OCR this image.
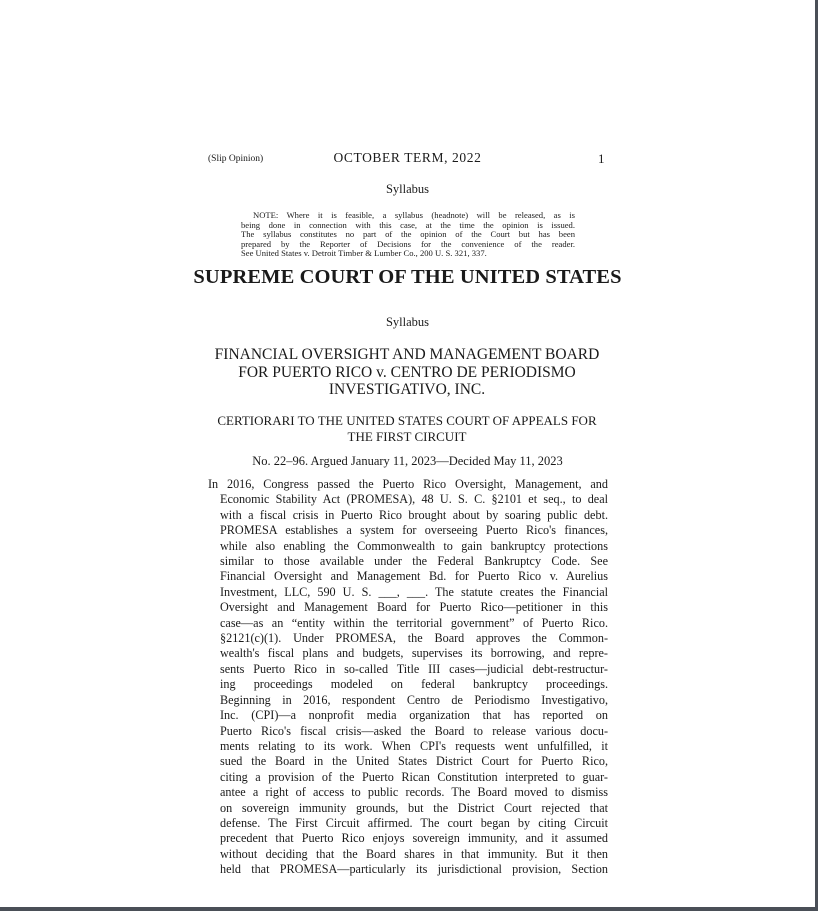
(Slip Opinion)	OCTOBER TERM, 2022	1
Syllabus
NOTE: Where it is feasible, a syllabus (headnote) will be released, as is
being done in connection with this case, at the time the opinion is issued.
The syllabus constitutes no part of the opinion of the Court but has been
prepared by the Reporter of Decisions for the convenience of the reader.
See United States v. Detroit Timber & Lumber Co., 200 U. S. 321, 337.
SUPREME COURT OF THE UNITED STATES
Syllabus
FINANCIAL OVERSIGHT AND MANAGEMENT BOARD
FOR PUERTO RICO v. CENTRO DE PERIODISMO
INVESTIGATIVO, INC.
CERTIORARI TO THE UNITED STATES COURT OF APPEALS FOR
THE FIRST CIRCUIT
No. 22–96. Argued January 11, 2023—Decided May 11, 2023
In 2016, Congress passed the Puerto Rico Oversight, Management, and
Economic Stability Act (PROMESA), 48 U. S. C. §2101 et seq., to deal
with a fiscal crisis in Puerto Rico brought about by soaring public debt.
PROMESA establishes a system for overseeing Puerto Rico's finances,
while also enabling the Commonwealth to gain bankruptcy protections
similar to those available under the Federal Bankruptcy Code. See
Financial Oversight and Management Bd. for Puerto Rico v. Aurelius
Investment, LLC, 590 U. S. ___, ___. The statute creates the Financial
Oversight and Management Board for Puerto Rico—petitioner in this
case—as an “entity within the territorial government” of Puerto Rico.
§2121(c)(1). Under PROMESA, the Board approves the Common-
wealth's fiscal plans and budgets, supervises its borrowing, and repre-
sents Puerto Rico in so-called Title III cases—judicial debt-restructur-
ing proceedings modeled on federal bankruptcy proceedings.
Beginning in 2016, respondent Centro de Periodismo Investigativo,
Inc. (CPI)—a nonprofit media organization that has reported on
Puerto Rico's fiscal crisis—asked the Board to release various docu-
ments relating to its work. When CPI's requests went unfulfilled, it
sued the Board in the United States District Court for Puerto Rico,
citing a provision of the Puerto Rican Constitution interpreted to guar-
antee a right of access to public records. The Board moved to dismiss
on sovereign immunity grounds, but the District Court rejected that
defense. The First Circuit affirmed. The court began by citing Circuit
precedent that Puerto Rico enjoys sovereign immunity, and it assumed
without deciding that the Board shares in that immunity. But it then
held that PROMESA—particularly its jurisdictional provision, Section
